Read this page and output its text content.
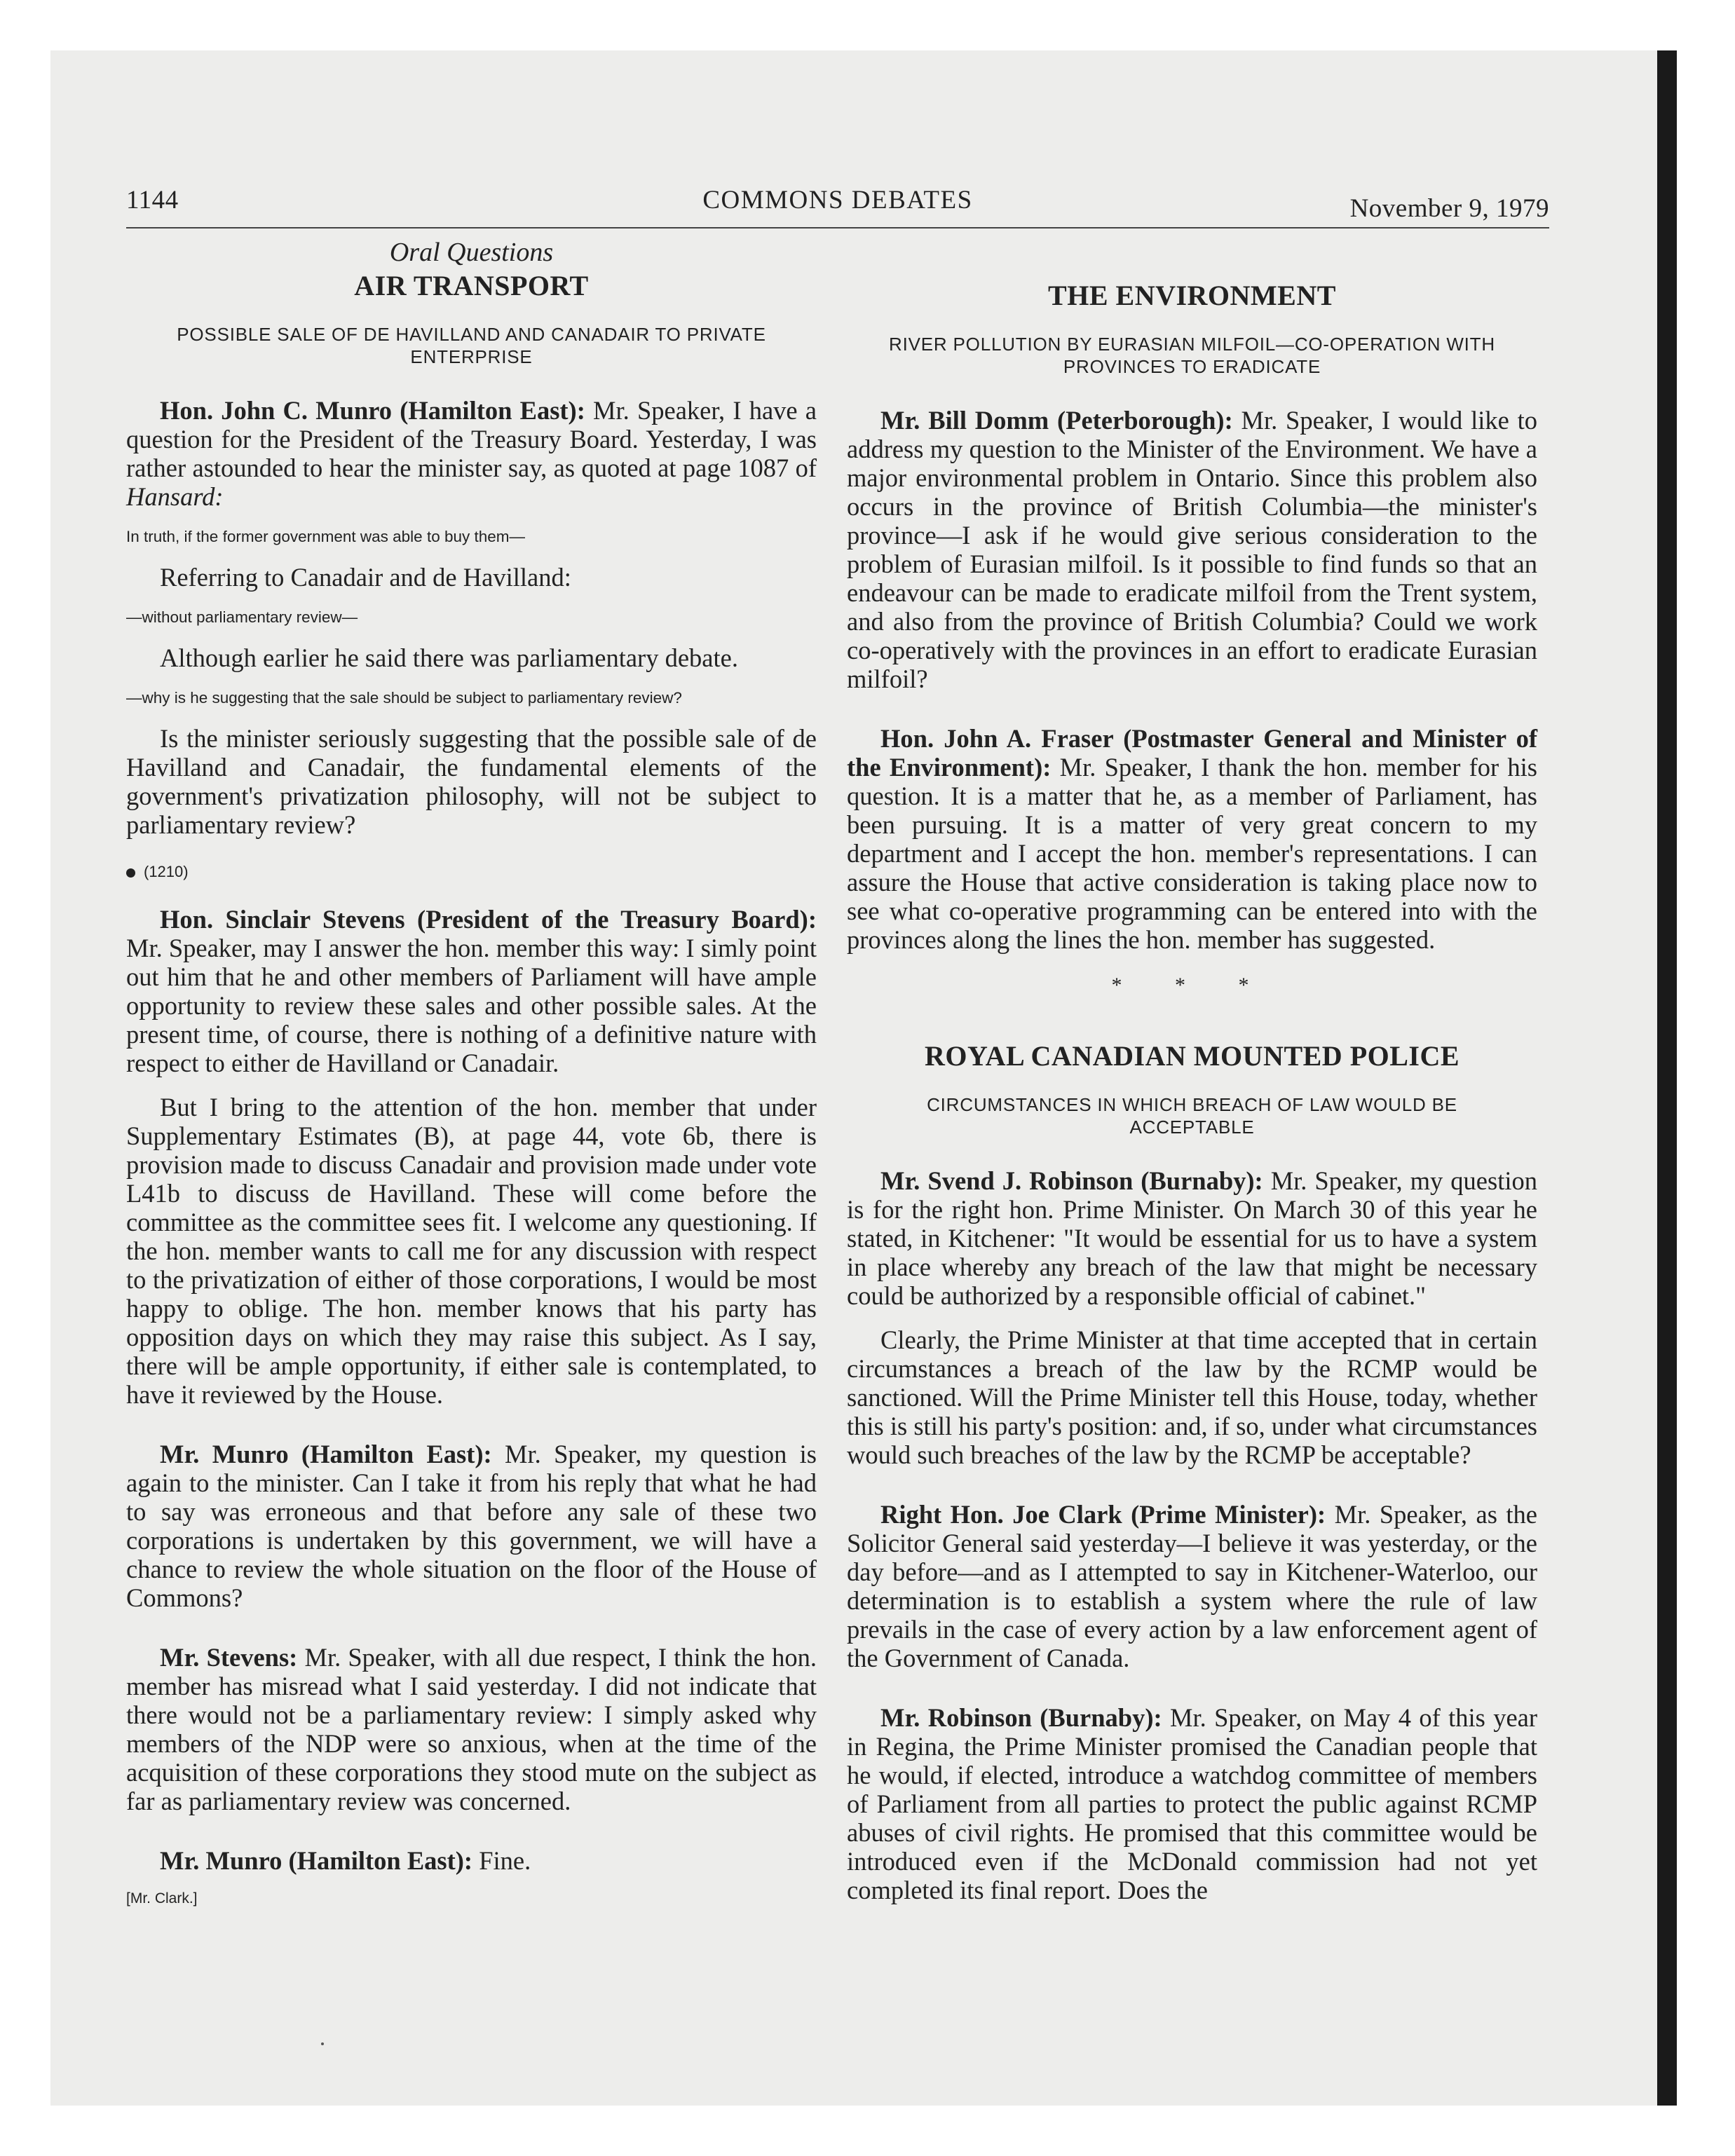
1144	COMMONS DEBATES	November 9, 1979
Oral Questions
AIR TRANSPORT
POSSIBLE SALE OF DE HAVILLAND AND CANADAIR TO PRIVATE ENTERPRISE

Hon. John C. Munro (Hamilton East): Mr. Speaker, I have a question for the President of the Treasury Board. Yesterday, I was rather astounded to hear the minister say, as quoted at page 1087 of Hansard:

In truth, if the former government was able to buy them—

Referring to Canadair and de Havilland:

—without parliamentary review—

Although earlier he said there was parliamentary debate.

—why is he suggesting that the sale should be subject to parliamentary review?

Is the minister seriously suggesting that the possible sale of de Havilland and Canadair, the fundamental elements of the government's privatization philosophy, will not be subject to parliamentary review?

(1210)

Hon. Sinclair Stevens (President of the Treasury Board): Mr. Speaker, may I answer the hon. member this way: I simly point out him that he and other members of Parliament will have ample opportunity to review these sales and other possible sales. At the present time, of course, there is nothing of a definitive nature with respect to either de Havilland or Canadair.

But I bring to the attention of the hon. member that under Supplementary Estimates (B), at page 44, vote 6b, there is provision made to discuss Canadair and provision made under vote L41b to discuss de Havilland. These will come before the committee as the committee sees fit. I welcome any questioning. If the hon. member wants to call me for any discussion with respect to the privatization of either of those corporations, I would be most happy to oblige. The hon. member knows that his party has opposition days on which they may raise this subject. As I say, there will be ample opportunity, if either sale is contemplated, to have it reviewed by the House.

Mr. Munro (Hamilton East): Mr. Speaker, my question is again to the minister. Can I take it from his reply that what he had to say was erroneous and that before any sale of these two corporations is undertaken by this government, we will have a chance to review the whole situation on the floor of the House of Commons?

Mr. Stevens: Mr. Speaker, with all due respect, I think the hon. member has misread what I said yesterday. I did not indicate that there would not be a parliamentary review: I simply asked why members of the NDP were so anxious, when at the time of the acquisition of these corporations they stood mute on the subject as far as parliamentary review was concerned.

Mr. Munro (Hamilton East): Fine.

[Mr. Clark.]

THE ENVIRONMENT
RIVER POLLUTION BY EURASIAN MILFOIL—CO-OPERATION WITH PROVINCES TO ERADICATE

Mr. Bill Domm (Peterborough): Mr. Speaker, I would like to address my question to the Minister of the Environment. We have a major environmental problem in Ontario. Since this problem also occurs in the province of British Columbia—the minister's province—I ask if he would give serious consideration to the problem of Eurasian milfoil. Is it possible to find funds so that an endeavour can be made to eradicate milfoil from the Trent system, and also from the province of British Columbia? Could we work co-operatively with the provinces in an effort to eradicate Eurasian milfoil?

Hon. John A. Fraser (Postmaster General and Minister of the Environment): Mr. Speaker, I thank the hon. member for his question. It is a matter that he, as a member of Parliament, has been pursuing. It is a matter of very great concern to my department and I accept the hon. member's representations. I can assure the House that active consideration is taking place now to see what co-operative programming can be entered into with the provinces along the lines the hon. member has suggested.

* * *
ROYAL CANADIAN MOUNTED POLICE
CIRCUMSTANCES IN WHICH BREACH OF LAW WOULD BE ACCEPTABLE

Mr. Svend J. Robinson (Burnaby): Mr. Speaker, my question is for the right hon. Prime Minister. On March 30 of this year he stated, in Kitchener: "It would be essential for us to have a system in place whereby any breach of the law that might be necessary could be authorized by a responsible official of cabinet."

Clearly, the Prime Minister at that time accepted that in certain circumstances a breach of the law by the RCMP would be sanctioned. Will the Prime Minister tell this House, today, whether this is still his party's position: and, if so, under what circumstances would such breaches of the law by the RCMP be acceptable?

Right Hon. Joe Clark (Prime Minister): Mr. Speaker, as the Solicitor General said yesterday—I believe it was yesterday, or the day before—and as I attempted to say in Kitchener-Waterloo, our determination is to establish a system where the rule of law prevails in the case of every action by a law enforcement agent of the Government of Canada.

Mr. Robinson (Burnaby): Mr. Speaker, on May 4 of this year in Regina, the Prime Minister promised the Canadian people that he would, if elected, introduce a watchdog committee of members of Parliament from all parties to protect the public against RCMP abuses of civil rights. He promised that this committee would be introduced even if the McDonald commission had not yet completed its final report. Does the
